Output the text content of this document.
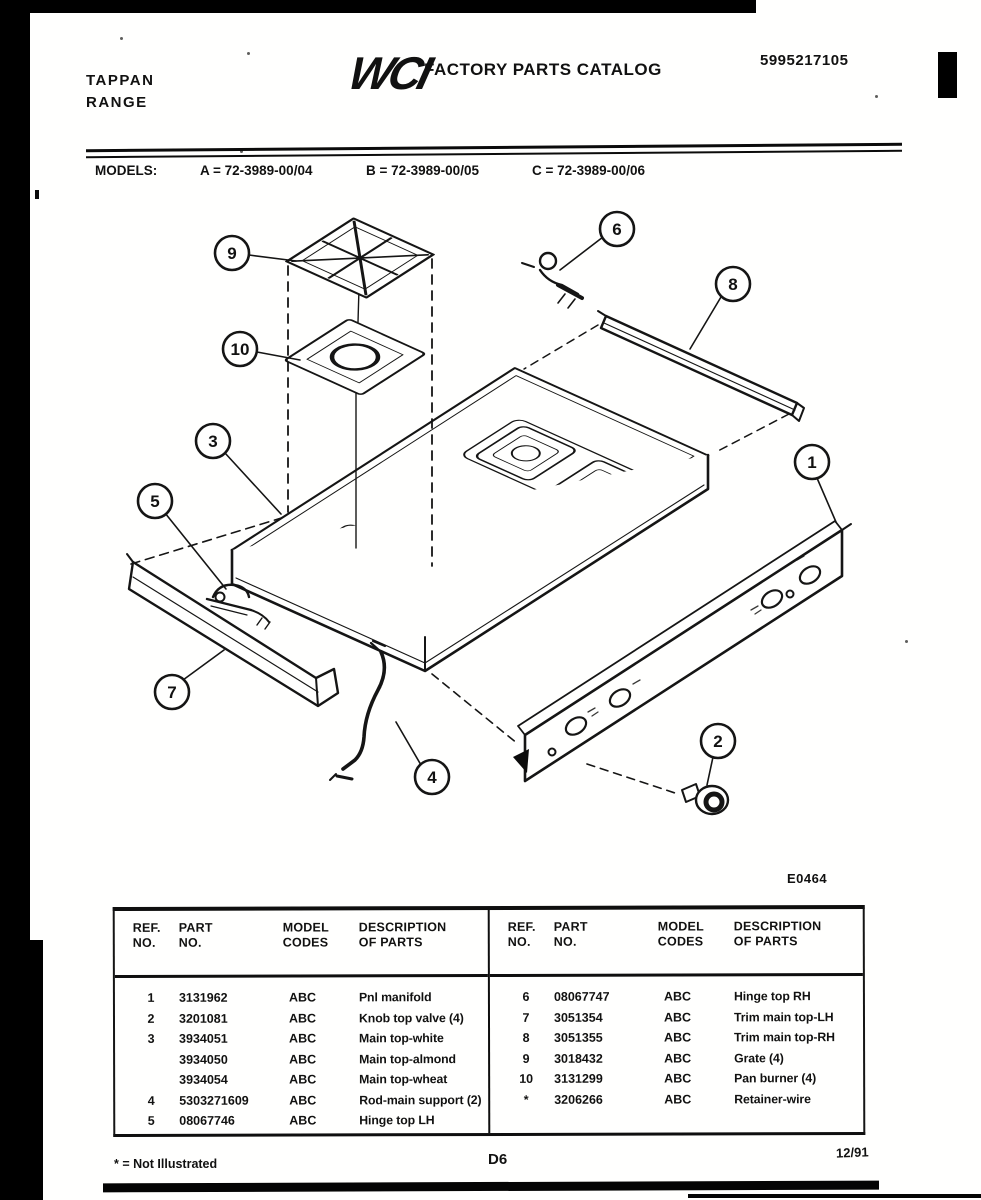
TAPPAN
RANGE
WCI
FACTORY PARTS CATALOG	5995217105
MODELS:	A = 72-3989-00/04	B = 72-3989-00/05	C = 72-3989-00/06
9
10
3
5
7
4
6
8
1
2
E0464
REF.
NO.
PART
NO.
MODEL
CODES
DESCRIPTION
OF PARTS
1	3131962	ABC	Pnl manifold
2	3201081	ABC	Knob top valve (4)
3	3934051	ABC	Main top-white
3934050	ABC	Main top-almond
3934054	ABC	Main top-wheat
4	5303271609	ABC	Rod-main support (2)
5	08067746	ABC	Hinge top LH
REF.
NO.
PART
NO.
MODEL
CODES
DESCRIPTION
OF PARTS
6	08067747	ABC	Hinge top RH
7	3051354	ABC	Trim main top-LH
8	3051355	ABC	Trim main top-RH
9	3018432	ABC	Grate (4)
10	3131299	ABC	Pan burner (4)
*	3206266	ABC	Retainer-wire
* = Not Illustrated	D6	12/91
